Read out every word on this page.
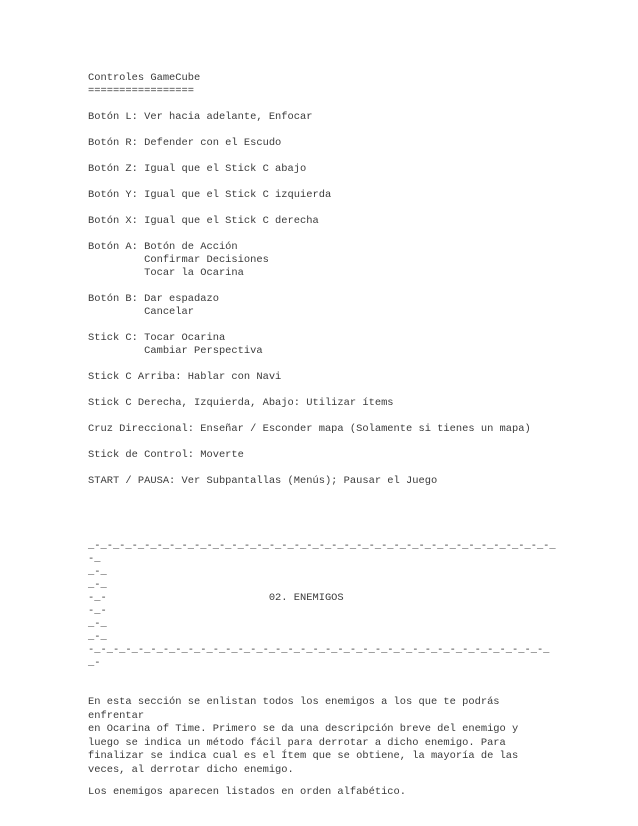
Controles GameCube
=================
Botón L: Ver hacia adelante, Enfocar
Botón R: Defender con el Escudo
Botón Z: Igual que el Stick C abajo
Botón Y: Igual que el Stick C izquierda
Botón X: Igual que el Stick C derecha
Botón A: Botón de Acción
Confirmar Decisiones
Tocar la Ocarina
Botón B: Dar espadazo
Cancelar
Stick C: Tocar Ocarina
Cambiar Perspectiva
Stick C Arriba: Hablar con Navi
Stick C Derecha, Izquierda, Abajo: Utilizar ítems
Cruz Direccional: Enseñar / Esconder mapa (Solamente si tienes un mapa)
Stick de Control: Moverte
START / PAUSA: Ver Subpantallas (Menús); Pausar el Juego
_-_-_-_-_-_-_-_-_-_-_-_-_-_-_-_-_-_-_-_-_-_-_-_-_-_-_-_-_-_-_-_-_-_-_-_-_-_
-_
_-_
_-_
-_-                          02. ENEMIGOS
-_-
_-_
_-_
-_-_-_-_-_-_-_-_-_-_-_-_-_-_-_-_-_-_-_-_-_-_-_-_-_-_-_-_-_-_-_-_-_-_-_-_-_
_-
En esta sección se enlistan todos los enemigos a los que te podrás
enfrentar
en Ocarina of Time. Primero se da una descripción breve del enemigo y
luego se indica un método fácil para derrotar a dicho enemigo. Para
finalizar se indica cual es el Ítem que se obtiene, la mayoría de las
veces, al derrotar dicho enemigo.
Los enemigos aparecen listados en orden alfabético.
